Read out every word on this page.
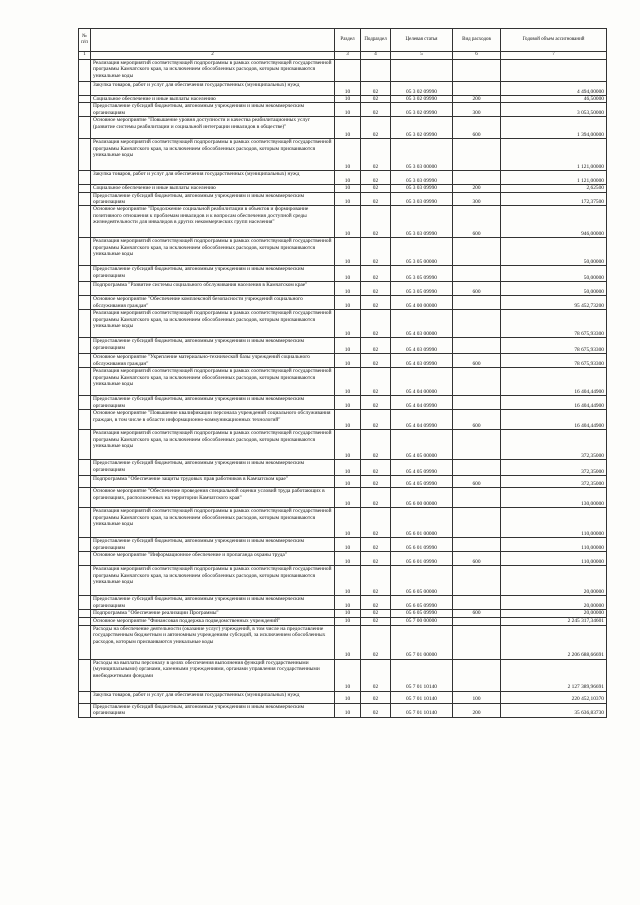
№ п/п		Раздел	Подраздел	Целевая статья	Вид расходов	Годовой объем ассигнований
1	2	3	4	5	6	7
	Реализация мероприятий соответствующей подпрограммы в рамках соответствующей государственной программы Камчатского края, за исключением обособленных расходов, которым присваиваются уникальные коды					
	Закупка товаров, работ и услуг для обеспечения государственных (муниципальных) нужд	10	02	05 3 02 09990		4 494,00000
	Социальное обеспечение и иные выплаты населению	10	02	05 3 02 09990	200	46,50000
	Предоставление субсидий бюджетным, автономным учреждениям и иным некоммерческим организациям	10	02	05 3 02 09990	300	3 053,50000
	Основное мероприятие "Повышение уровня доступности и качества реабилитационных услуг (развитие системы реабилитации и социальной интеграции инвалидов в обществе)"	10	02	05 3 02 09990	600	1 394,00000
	Реализация мероприятий соответствующей подпрограммы в рамках соответствующей государственной программы Камчатского края, за исключением обособленных расходов, которым присваиваются уникальные коды	10	02	05 3 03 00000		1 121,00000
	Закупка товаров, работ и услуг для обеспечения государственных (муниципальных) нужд	10	02	05 3 03 09990		1 121,00000
	Социальное обеспечение и иные выплаты населению	10	02	05 3 03 09990	200	2,62500
	Предоставление субсидий бюджетным, автономным учреждениям и иным некоммерческим организациям	10	02	05 3 03 09990	300	172,37500
	Основное мероприятие "Продолжение социальной реабилитации в объектов и формирование позитивного отношения к проблемам инвалидов и к вопросам обеспечения доступной среды жизнедеятельности для инвалидов в других некоммерческих групп населения"	10	02	05 3 03 09990	600	946,00000
	Реализация мероприятий соответствующей подпрограммы в рамках соответствующей государственной программы Камчатского края, за исключением обособленных расходов, которым присваиваются уникальные коды	10	02	05 3 05 00000		50,00000
	Предоставление субсидий бюджетным, автономным учреждениям и иным некоммерческим организациям	10	02	05 3 05 09990		50,00000
	Подпрограмма "Развитие системы социального обслуживания населения в Камчатском крае"	10	02	05 3 05 09990	600	50,00000
	Основное мероприятие "Обеспечение комплексной безопасности учреждений социального обслуживания граждан"	10	02	05 4 00 00000		95 452,73200
	Реализация мероприятий соответствующей подпрограммы в рамках соответствующей государственной программы Камчатского края, за исключением обособленных расходов, которым присваиваются уникальные коды	10	02	05 4 03 00000		78 675,93300
	Предоставление субсидий бюджетным, автономным учреждениям и иным некоммерческим организациям	10	02	05 4 03 09990		78 675,93300
	Основное мероприятие "Укрепление материально-технической базы учреждений социального обслуживания граждан"	10	02	05 4 03 09990	600	78 675,93300
	Реализация мероприятий соответствующей подпрограммы в рамках соответствующей государственной программы Камчатского края, за исключением обособленных расходов, которым присваиваются уникальные коды	10	02	05 4 04 00000		16 404,44900
	Предоставление субсидий бюджетным, автономным учреждениям и иным некоммерческим организациям	10	02	05 4 04 09990		16 404,44900
	Основное мероприятие "Повышение квалификации персонала учреждений социального обслуживания граждан, в том числе в области информационно-коммуникационных технологий"	10	02	05 4 04 09990	600	16 404,44900
	Реализация мероприятий соответствующей подпрограммы в рамках соответствующей государственной программы Камчатского края, за исключением обособленных расходов, которым присваиваются уникальные коды	10	02	05 4 05 00000		372,35000
	Предоставление субсидий бюджетным, автономным учреждениям и иным некоммерческим организациям	10	02	05 4 05 09990		372,35000
	Подпрограмма "Обеспечение защиты трудовых прав работников в Камчатском крае"	10	02	05 4 05 09990	600	372,35000
	Основное мероприятие "Обеспечение проведения специальной оценки условий труда работающих в организациях, расположенных на территории Камчатского края"	10	02	05 6 00 00000		130,00000
	Реализация мероприятий соответствующей подпрограммы в рамках соответствующей государственной программы Камчатского края, за исключением обособленных расходов, которым присваиваются уникальные коды	10	02	05 6 01 00000		110,00000
	Предоставление субсидий бюджетным, автономным учреждениям и иным некоммерческим организациям	10	02	05 6 01 09990		110,00000
	Основное мероприятие "Информационное обеспечение и пропаганда охраны труда"	10	02	05 6 01 09990	600	110,00000
	Реализация мероприятий соответствующей подпрограммы в рамках соответствующей государственной программы Камчатского края, за исключением обособленных расходов, которым присваиваются уникальные коды	10	02	05 6 05 00000		20,00000
	Предоставление субсидий бюджетным, автономным учреждениям и иным некоммерческим организациям	10	02	05 6 05 09990		20,00000
	Подпрограмма "Обеспечение реализации Программы"	10	02	05 6 05 09990	600	20,00000
	Основное мероприятие "Финансовая поддержка подведомственных учреждений"	10	02	05 7 00 00000		2 245 317,34601
	Расходы на обеспечение деятельности (оказание услуг) учреждений, в том числе на предоставление государственным бюджетным и автономным учреждениям субсидий, за исключением обособленных расходов, которым присваиваются уникальные коды	10	02	05 7 01 00000		2 206 688,66691
	Расходы на выплаты персоналу в целях обеспечения выполнения функций государственными (муниципальными) органами, казенными учреждениями, органами управления государственными внебюджетными фондами	10	02	05 7 01 10140		2 127 389,96691
	Закупка товаров, работ и услуг для обеспечения государственных (муниципальных) нужд	10	02	05 7 01 10140	100	220 452,10370
	Предоставление субсидий бюджетным, автономным учреждениям и иным некоммерческим организациям	10	02	05 7 01 10140	200	35 636,83730
